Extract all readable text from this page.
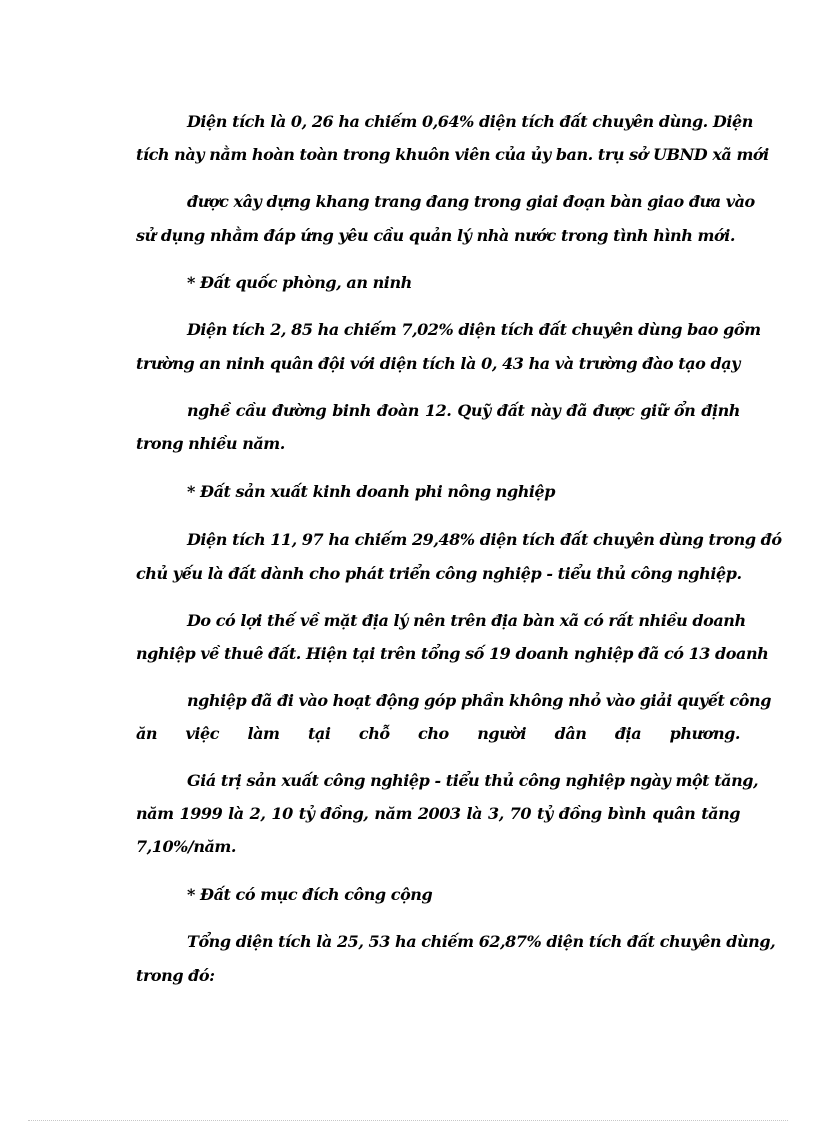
Diện tích là 0, 26 ha chiếm 0,64% diện tích đất chuyên dùng. Diện
tích này nằm hoàn toàn trong khuôn viên của ủy ban. trụ sở UBND xã mới
được xây dựng khang trang đang trong giai đoạn bàn giao đưa vào
sử dụng nhằm đáp ứng yêu cầu quản lý nhà nước trong tình hình mới.
* Đất quốc phòng, an ninh
Diện tích 2, 85 ha chiếm 7,02% diện tích đất chuyên dùng bao gồm
trường an ninh quân đội với diện tích là 0, 43 ha và trường đào tạo dạy
nghề cầu đường binh đoàn 12. Quỹ đất này đã được giữ ổn định
trong nhiều năm.
* Đất sản xuất kinh doanh phi nông nghiệp
Diện tích 11, 97 ha chiếm 29,48% diện tích đất chuyên dùng trong đó
chủ yếu là đất dành cho phát triển công nghiệp - tiểu thủ công nghiệp.
Do có lợi thế về mặt địa lý nên trên địa bàn xã có rất nhiều doanh
nghiệp về thuê đất. Hiện tại trên tổng số 19 doanh nghiệp đã có 13 doanh
nghiệp đã đi vào hoạt động góp phần không nhỏ vào giải quyết công
ăn việc làm tại chỗ cho người dân địa phương.
Giá trị sản xuất công nghiệp - tiểu thủ công nghiệp ngày một tăng,
năm 1999 là 2, 10 tỷ đồng, năm 2003 là 3, 70 tỷ đồng bình quân tăng
7,10%/năm.
* Đất có mục đích công cộng
Tổng diện tích là 25, 53 ha chiếm 62,87% diện tích đất chuyên dùng,
trong đó:
